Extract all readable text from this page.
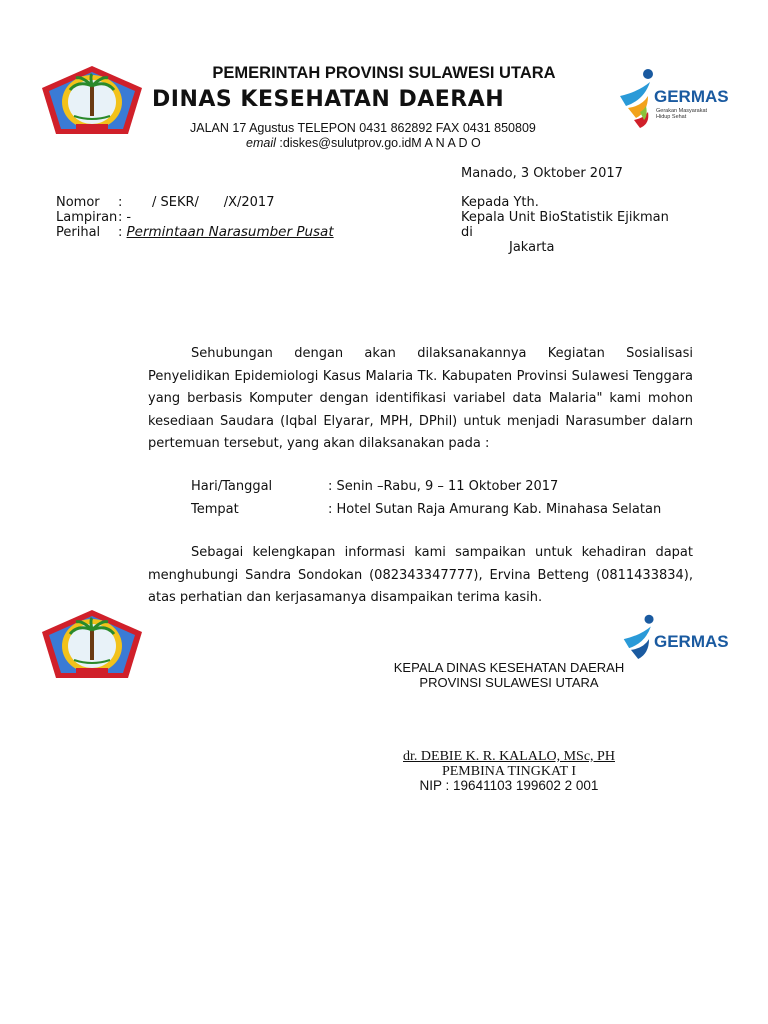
PEMERINTAH PROVINSI SULAWESI UTARA
DINAS KESEHATAN DAERAH
JALAN 17 Agustus TELEPON 0431 862892 FAX 0431 850809
email :diskes@sulutprov.go.idM A N A D O
GERMAS
Gerakan Masyarakat
Hidup Sehat
Manado, 3 Oktober 2017
Nomor : / SEKR/      /X/2017
Lampiran: -
Perihal : Permintaan Narasumber Pusat
Kepada Yth.
Kepala Unit BioStatistik Ejikman
di
Jakarta
Sehubungan dengan akan dilaksanakannya Kegiatan Sosialisasi Penyelidikan Epidemiologi Kasus Malaria Tk. Kabupaten Provinsi Sulawesi Tenggara yang berbasis Komputer dengan identifikasi variabel data Malaria" kami mohon kesediaan Saudara (Iqbal Elyarar, MPH, DPhil) untuk menjadi Narasumber dalarn pertemuan tersebut, yang akan dilaksanakan pada :
Hari/Tanggal	: Senin –Rabu, 9 – 11 Oktober 2017
Tempat	: Hotel Sutan Raja Amurang Kab. Minahasa Selatan
Sebagai kelengkapan informasi kami sampaikan untuk kehadiran dapat menghubungi Sandra Sondokan (082343347777), Ervina Betteng (0811433834), atas perhatian dan kerjasamanya disampaikan terima kasih.
GERMAS
KEPALA DINAS KESEHATAN DAERAH
PROVINSI SULAWESI UTARA
dr. DEBIE K. R. KALALO, MSc, PH
PEMBINA TINGKAT I
NIP : 19641103 199602 2 001
